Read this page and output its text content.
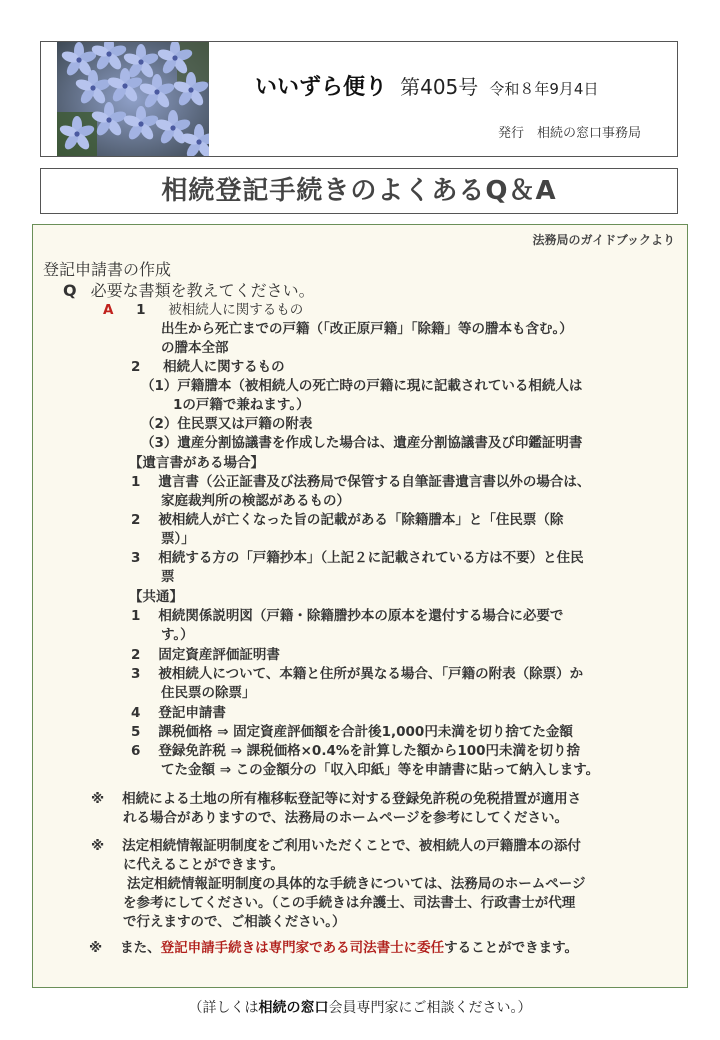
いいずら便り 第405号 令和８年9月4日
発行　相続の窓口事務局
相続登記手続きのよくあるQ＆A
法務局のガイドブックより
登記申請書の作成
Q 必要な書類を教えてください。
A 1 被相続人に関するもの
出生から死亡までの戸籍（「改正原戸籍」「除籍」等の謄本も含む。）
の謄本全部
2 相続人に関するもの
（1）戸籍謄本（被相続人の死亡時の戸籍に現に記載されている相続人は
1の戸籍で兼ねます。）
（2）住民票又は戸籍の附表
（3）遺産分割協議書を作成した場合は、遺産分割協議書及び印鑑証明書
【遺言書がある場合】
1 遺言書（公正証書及び法務局で保管する自筆証書遺言書以外の場合は、
家庭裁判所の検認があるもの）
2 被相続人が亡くなった旨の記載がある「除籍謄本」と「住民票（除
票）」
3 相続する方の「戸籍抄本」（上記２に記載されている方は不要）と住民
票
【共通】
1 相続関係説明図（戸籍・除籍謄抄本の原本を還付する場合に必要で
す。）
2 固定資産評価証明書
3 被相続人について、本籍と住所が異なる場合、「戸籍の附表（除票）か
住民票の除票」
4 登記申請書
5 課税価格 ⇒ 固定資産評価額を合計後1,000円未満を切り捨てた金額
6 登録免許税 ⇒ 課税価格×0.4%を計算した額から100円未満を切り捨
てた金額 ⇒ この金額分の「収入印紙」等を申請書に貼って納入します。
※ 相続による土地の所有権移転登記等に対する登録免許税の免税措置が適用さ
れる場合がありますので、法務局のホームページを参考にしてください。
※ 法定相続情報証明制度をご利用いただくことで、被相続人の戸籍謄本の添付
に代えることができます。
法定相続情報証明制度の具体的な手続きについては、法務局のホームページ
を参考にしてください。（この手続きは弁護士、司法書士、行政書士が代理
で行えますので、ご相談ください。）
※ また、登記申請手続きは専門家である司法書士に委任することができます。
（詳しくは相続の窓口会員専門家にご相談ください。）
